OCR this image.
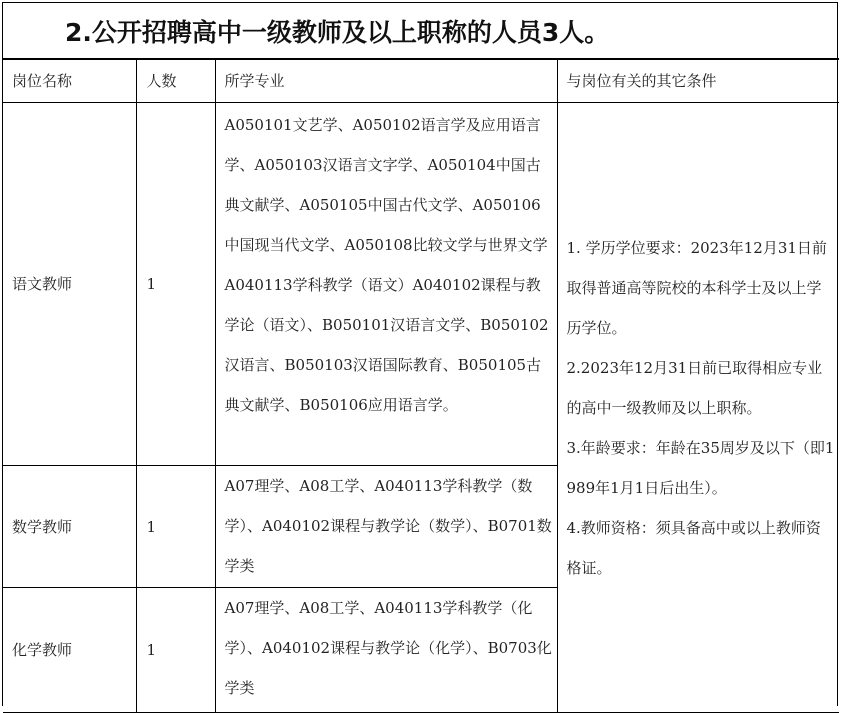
2.公开招聘高中一级教师及以上职称的人员3人。
岗位名称	人数	所学专业	与岗位有关的其它条件
语文教师	1	A050101文艺学、A050102语言学及应用语言学、A050103汉语言文字学、A050104中国古典文献学、A050105中国古代文学、A050106中国现当代文学、A050108比较文学与世界文学A040113学科教学（语文）A040102课程与教学论（语文）、B050101汉语言文学、B050102汉语言、B050103汉语国际教育、B050105古典文献学、B050106应用语言学。	1. 学历学位要求：2023年12月31日前取得普通高等院校的本科学士及以上学历学位。
2.2023年12月31日前已取得相应专业的高中一级教师及以上职称。
3.年龄要求：年龄在35周岁及以下（即1989年1月1日后出生）。
4.教师资格：须具备高中或以上教师资格证。

数学教师	1	A07理学、A08工学、A040113学科教学（数学）、A040102课程与教学论（数学）、B0701数学类	
化学教师	1	A07理学、A08工学、A040113学科教学（化学）、A040102课程与教学论（化学）、B0703化学类	
